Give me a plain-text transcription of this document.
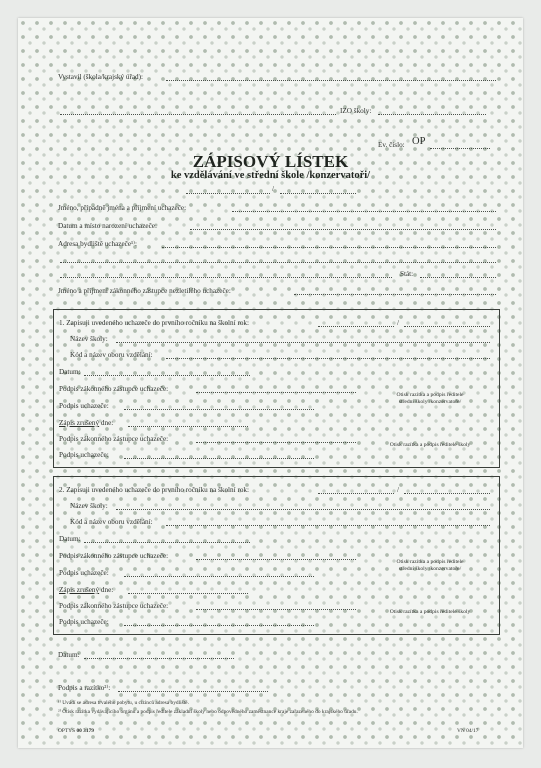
Vystavil (škola/krajský úřad):
IZO školy:
Ev. číslo: OP
ZÁPISOVÝ LÍSTEK
ke vzdělávání ve střední škole /konzervatoři/
/
Jméno, případně jména a příjmení uchazeče:
Datum a místo narození uchazeče:
Adresa bydliště uchazeče¹⁾:
Stát:
Jméno a příjmení zákonného zástupce nezletilého uchazeče:
1. Zapisuji uvedeného uchazeče do prvního ročníku na školní rok:	/
Název školy:
Kód a název oboru vzdělání:
Datum:
Podpis zákonného zástupce uchazeče:
Podpis uchazeče:
Otisk razítka a podpis ředitele
střední školy /konzervatoře/
Zápis zrušený dne:
Podpis zákonného zástupce uchazeče:
Otisk razítka a podpis ředitele školy
Podpis uchazeče:
2. Zapisuji uvedeného uchazeče do prvního ročníku na školní rok:	/
Název školy:
Kód a název oboru vzdělání:
Datum:
Podpis zákonného zástupce uchazeče:
Podpis uchazeče:
Otisk razítka a podpis ředitele
střední školy /konzervatoře/
Zápis zrušený dne:
Podpis zákonného zástupce uchazeče:
Otisk razítka a podpis ředitele školy
Podpis uchazeče:
Datum:
Podpis a razítko²⁾:
¹⁾ Uvádí se adresa trvalého pobytu, u cizinců adresa bydliště.
²⁾ Otisk razítka vydávajícího orgánu a podpis ředitele základní školy nebo odpovědného zaměstnance kraje zařazeného do krajského úřadu.
OPTYS 00 3179	VN 04/17
